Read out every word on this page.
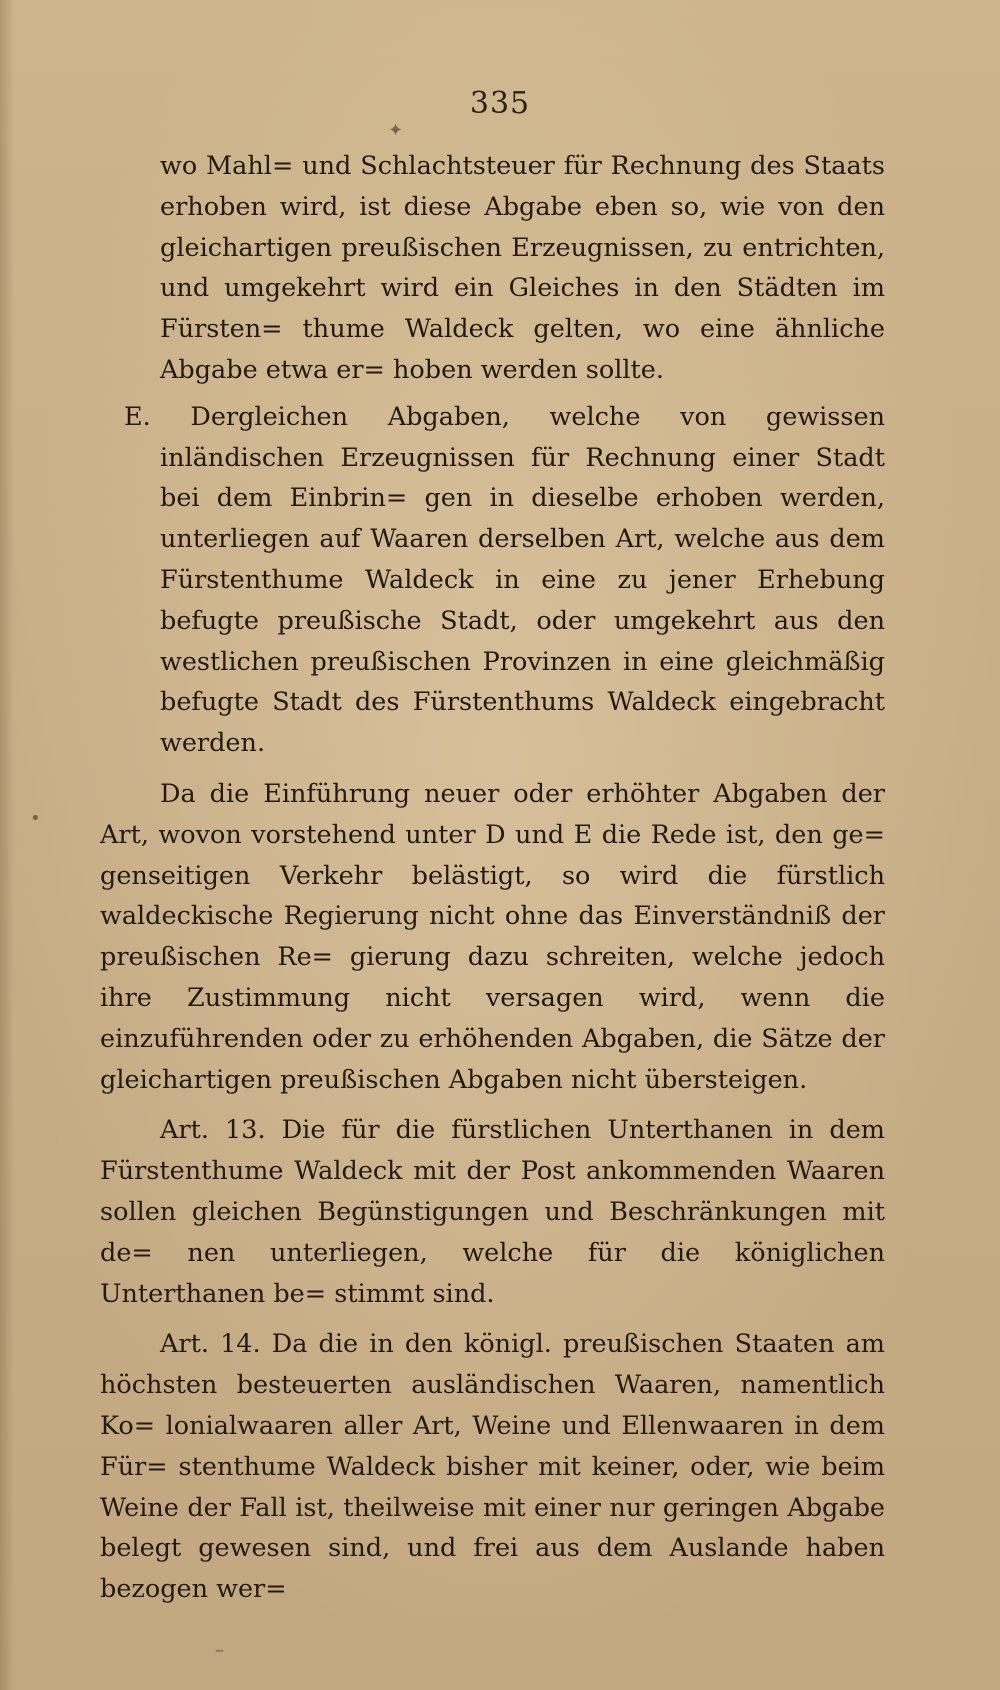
335

wo Mahl= und Schlachtsteuer für Rechnung des Staats erhoben wird, ist diese Abgabe eben so, wie von den gleichartigen preußischen Erzeugnissen, zu entrichten, und umgekehrt wird ein Gleiches in den Städten im Fürsten= thume Waldeck gelten, wo eine ähnliche Abgabe etwa er= hoben werden sollte.

E. Dergleichen Abgaben, welche von gewissen inländischen Erzeugnissen für Rechnung einer Stadt bei dem Einbrin= gen in dieselbe erhoben werden, unterliegen auf Waaren derselben Art, welche aus dem Fürstenthume Waldeck in eine zu jener Erhebung befugte preußische Stadt, oder umgekehrt aus den westlichen preußischen Provinzen in eine gleichmäßig befugte Stadt des Fürstenthums Waldeck eingebracht werden.

Da die Einführung neuer oder erhöhter Abgaben der Art, wovon vorstehend unter D und E die Rede ist, den ge= genseitigen Verkehr belästigt, so wird die fürstlich waldeckische Regierung nicht ohne das Einverständniß der preußischen Re= gierung dazu schreiten, welche jedoch ihre Zustimmung nicht versagen wird, wenn die einzuführenden oder zu erhöhenden Abgaben, die Sätze der gleichartigen preußischen Abgaben nicht übersteigen.

Art. 13. Die für die fürstlichen Unterthanen in dem Fürstenthume Waldeck mit der Post ankommenden Waaren sollen gleichen Begünstigungen und Beschränkungen mit de= nen unterliegen, welche für die königlichen Unterthanen be= stimmt sind.

Art. 14. Da die in den königl. preußischen Staaten am höchsten besteuerten ausländischen Waaren, namentlich Ko= lonialwaaren aller Art, Weine und Ellenwaaren in dem Für= stenthume Waldeck bisher mit keiner, oder, wie beim Weine der Fall ist, theilweise mit einer nur geringen Abgabe belegt gewesen sind, und frei aus dem Auslande haben bezogen wer=

✦
•
–
